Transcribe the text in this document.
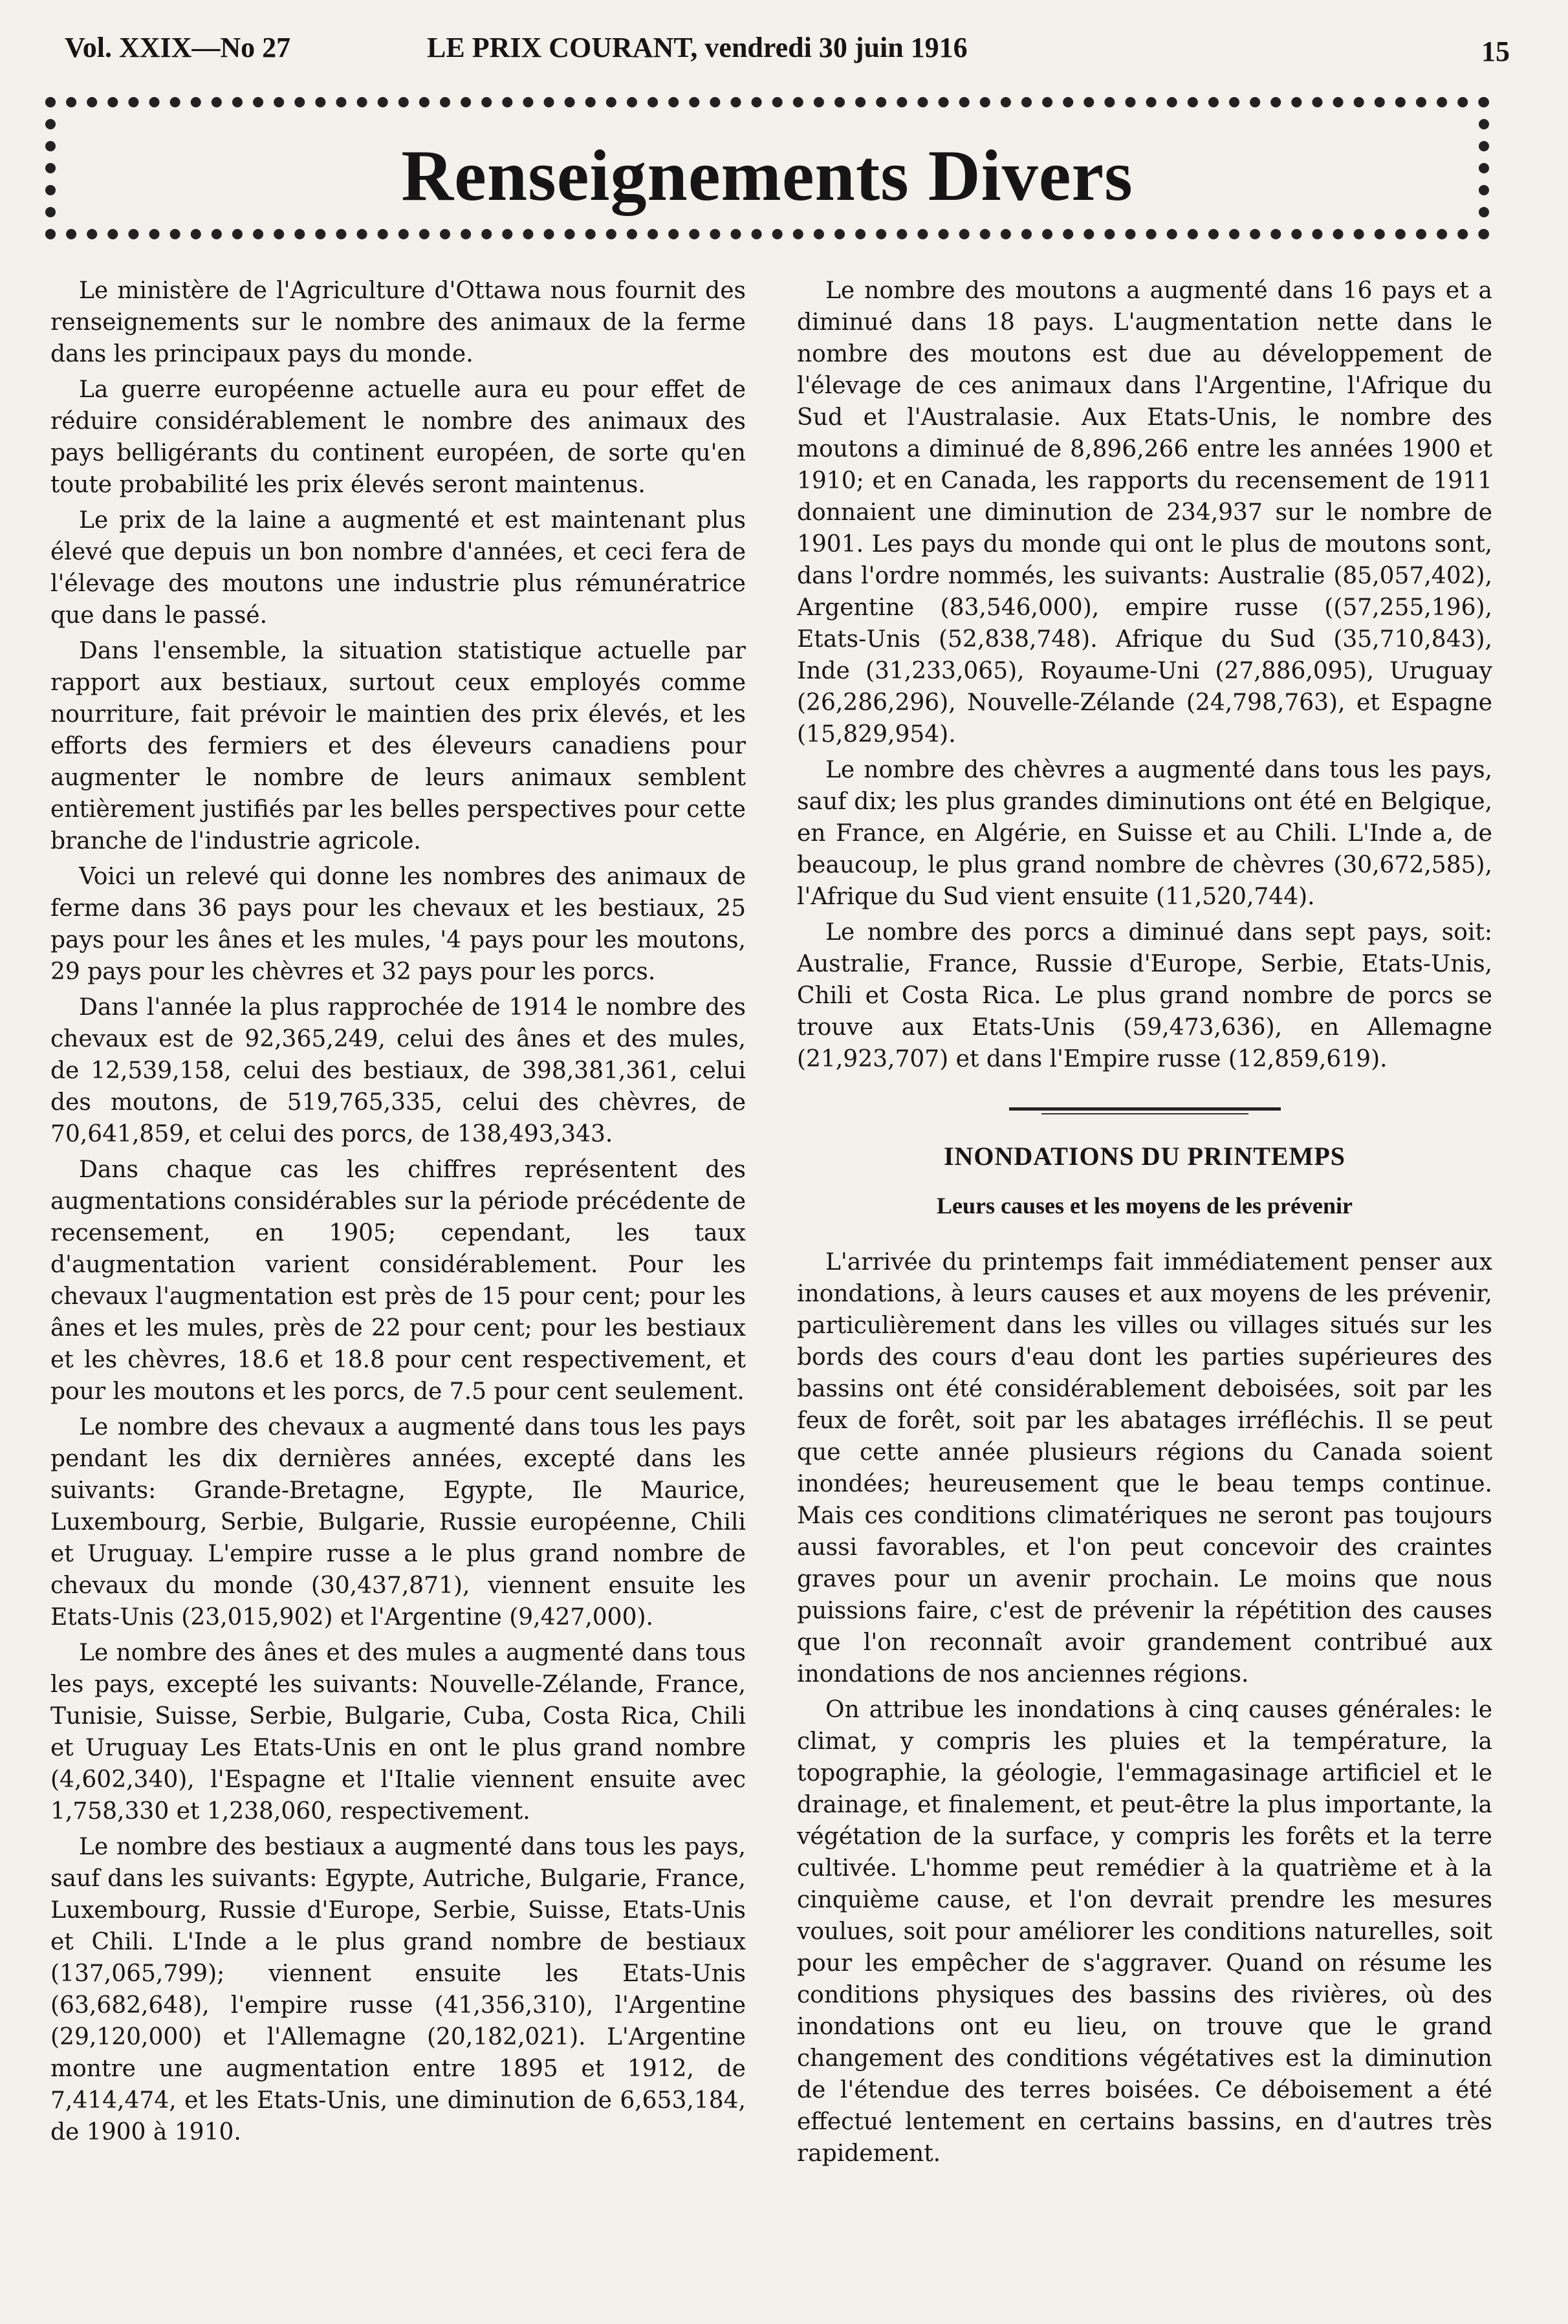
Vol. XXIX—No 27	LE PRIX COURANT, vendredi 30 juin 1916	15
Renseignements Divers

Le ministère de l'Agriculture d'Ottawa nous fournit des renseignements sur le nombre des animaux de la ferme dans les principaux pays du monde.

La guerre européenne actuelle aura eu pour effet de réduire considérablement le nombre des animaux des pays belligérants du continent européen, de sorte qu'en toute probabilité les prix élevés seront maintenus.

Le prix de la laine a augmenté et est maintenant plus élevé que depuis un bon nombre d'années, et ceci fera de l'élevage des moutons une industrie plus rémunératrice que dans le passé.

Dans l'ensemble, la situation statistique actuelle par rapport aux bestiaux, surtout ceux employés comme nourriture, fait prévoir le maintien des prix élevés, et les efforts des fermiers et des éleveurs canadiens pour augmenter le nombre de leurs animaux semblent entièrement justifiés par les belles perspectives pour cette branche de l'industrie agricole.

Voici un relevé qui donne les nombres des animaux de ferme dans 36 pays pour les chevaux et les bestiaux, 25 pays pour les ânes et les mules, '4 pays pour les moutons, 29 pays pour les chèvres et 32 pays pour les porcs.

Dans l'année la plus rapprochée de 1914 le nombre des chevaux est de 92,365,249, celui des ânes et des mules, de 12,539,158, celui des bestiaux, de 398,381,361, celui des moutons, de 519,765,335, celui des chèvres, de 70,641,859, et celui des porcs, de 138,493,343.

Dans chaque cas les chiffres représentent des augmentations considérables sur la période précédente de recensement, en 1905; cependant, les taux d'augmentation varient considérablement. Pour les chevaux l'augmentation est près de 15 pour cent; pour les ânes et les mules, près de 22 pour cent; pour les bestiaux et les chèvres, 18.6 et 18.8 pour cent respectivement, et pour les moutons et les porcs, de 7.5 pour cent seulement.

Le nombre des chevaux a augmenté dans tous les pays pendant les dix dernières années, excepté dans les suivants: Grande-Bretagne, Egypte, Ile Maurice, Luxembourg, Serbie, Bulgarie, Russie européenne, Chili et Uruguay. L'empire russe a le plus grand nombre de chevaux du monde (30,437,871), viennent ensuite les Etats-Unis (23,015,902) et l'Argentine (9,427,000).

Le nombre des ânes et des mules a augmenté dans tous les pays, excepté les suivants: Nouvelle-Zélande, France, Tunisie, Suisse, Serbie, Bulgarie, Cuba, Costa Rica, Chili et Uruguay Les Etats-Unis en ont le plus grand nombre (4,602,340), l'Espagne et l'Italie viennent ensuite avec 1,758,330 et 1,238,060, respectivement.

Le nombre des bestiaux a augmenté dans tous les pays, sauf dans les suivants: Egypte, Autriche, Bulgarie, France, Luxembourg, Russie d'Europe, Serbie, Suisse, Etats-Unis et Chili. L'Inde a le plus grand nombre de bestiaux (137,065,799); viennent ensuite les Etats-Unis (63,682,648), l'empire russe (41,356,310), l'Argentine (29,120,000) et l'Allemagne (20,182,021). L'Argentine montre une augmentation entre 1895 et 1912, de 7,414,474, et les Etats-Unis, une diminution de 6,653,184, de 1900 à 1910.

Le nombre des moutons a augmenté dans 16 pays et a diminué dans 18 pays. L'augmentation nette dans le nombre des moutons est due au développement de l'élevage de ces animaux dans l'Argentine, l'Afrique du Sud et l'Australasie. Aux Etats-Unis, le nombre des moutons a diminué de 8,896,266 entre les années 1900 et 1910; et en Canada, les rapports du recensement de 1911 donnaient une diminution de 234,937 sur le nombre de 1901. Les pays du monde qui ont le plus de moutons sont, dans l'ordre nommés, les suivants: Australie (85,057,402), Argentine (83,546,000), empire russe ((57,255,196), Etats-Unis (52,838,748). Afrique du Sud (35,710,843), Inde (31,233,065), Royaume-Uni (27,886,095), Uruguay (26,286,296), Nouvelle-Zélande (24,798,763), et Espagne (15,829,954).

Le nombre des chèvres a augmenté dans tous les pays, sauf dix; les plus grandes diminutions ont été en Belgique, en France, en Algérie, en Suisse et au Chili. L'Inde a, de beaucoup, le plus grand nombre de chèvres (30,672,585), l'Afrique du Sud vient ensuite (11,520,744).

Le nombre des porcs a diminué dans sept pays, soit: Australie, France, Russie d'Europe, Serbie, Etats-Unis, Chili et Costa Rica. Le plus grand nombre de porcs se trouve aux Etats-Unis (59,473,636), en Allemagne (21,923,707) et dans l'Empire russe (12,859,619).

INONDATIONS DU PRINTEMPS
Leurs causes et les moyens de les prévenir

L'arrivée du printemps fait immédiatement penser aux inondations, à leurs causes et aux moyens de les prévenir, particulièrement dans les villes ou villages situés sur les bords des cours d'eau dont les parties supérieures des bassins ont été considérablement deboisées, soit par les feux de forêt, soit par les abatages irréfléchis. Il se peut que cette année plusieurs régions du Canada soient inondées; heureusement que le beau temps continue. Mais ces conditions climatériques ne seront pas toujours aussi favorables, et l'on peut concevoir des craintes graves pour un avenir prochain. Le moins que nous puissions faire, c'est de prévenir la répétition des causes que l'on reconnaît avoir grandement contribué aux inondations de nos anciennes régions.

On attribue les inondations à cinq causes générales: le climat, y compris les pluies et la température, la topographie, la géologie, l'emmagasinage artificiel et le drainage, et finalement, et peut-être la plus importante, la végétation de la surface, y compris les forêts et la terre cultivée. L'homme peut remédier à la quatrième et à la cinquième cause, et l'on devrait prendre les mesures voulues, soit pour améliorer les conditions naturelles, soit pour les empêcher de s'aggraver. Quand on résume les conditions physiques des bassins des rivières, où des inondations ont eu lieu, on trouve que le grand changement des conditions végétatives est la diminution de l'étendue des terres boisées. Ce déboisement a été effectué lentement en certains bassins, en d'autres très rapidement.
